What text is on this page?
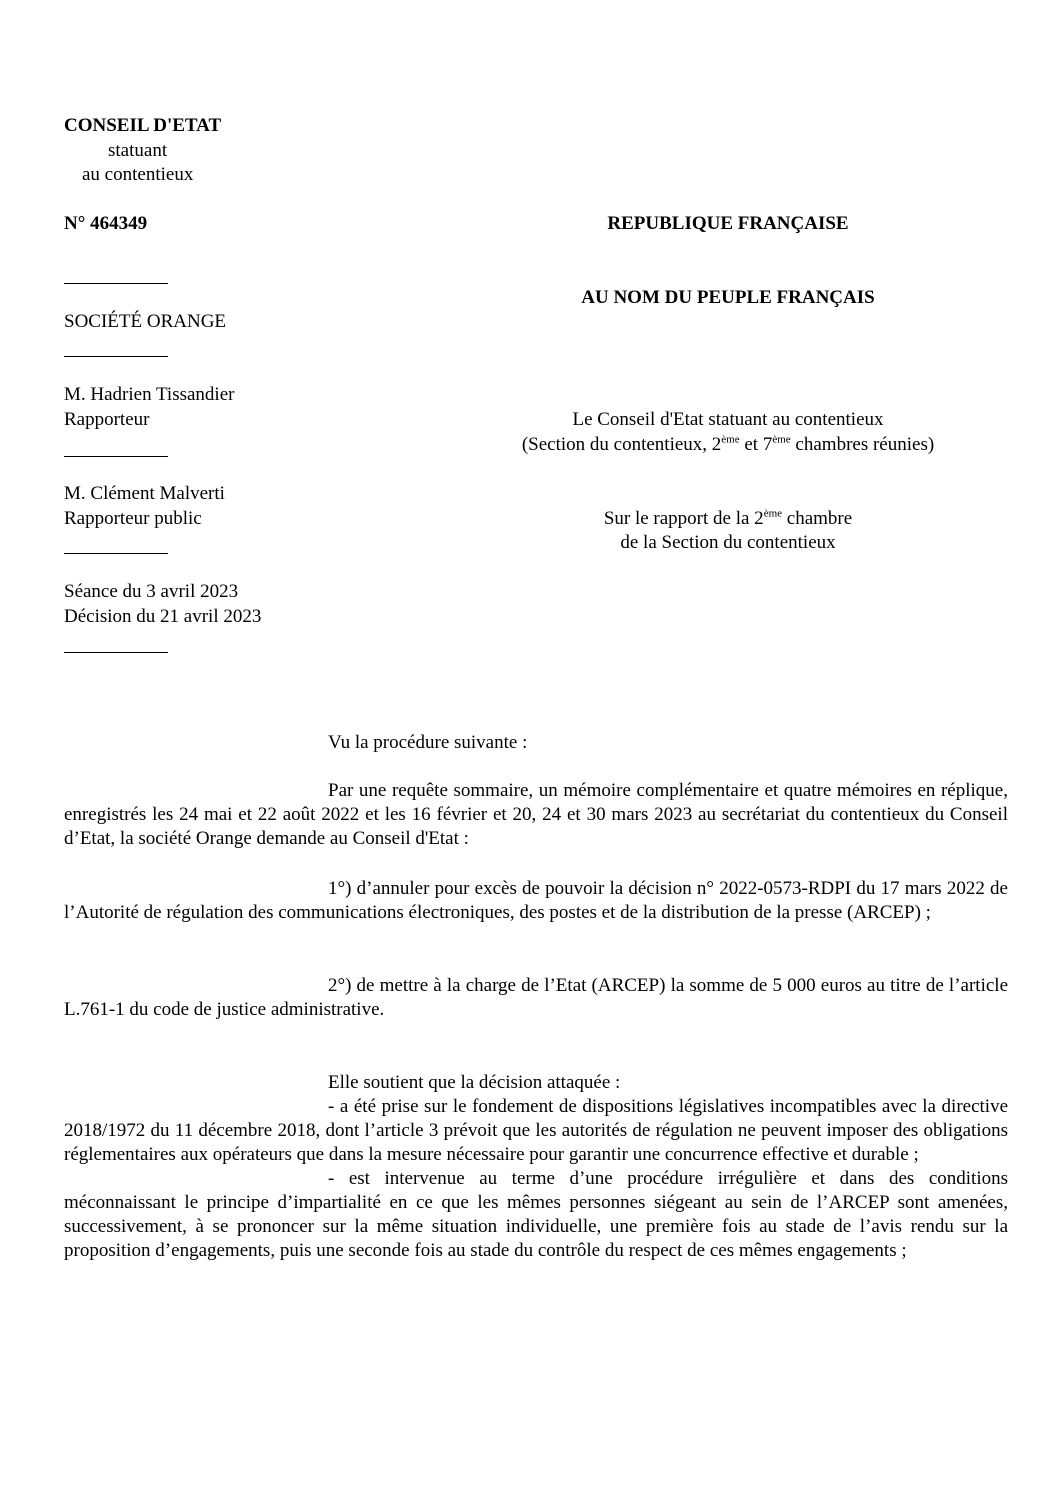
CONSEIL D'ETAT
statuant
au contentieux
N° 464349	REPUBLIQUE FRANÇAISE
AU NOM DU PEUPLE FRANÇAIS
SOCIÉTÉ ORANGE
M. Hadrien Tissandier
Rapporteur	Le Conseil d'Etat statuant au contentieux
(Section du contentieux, 2ème et 7ème chambres réunies)
M. Clément Malverti
Rapporteur public	Sur le rapport de la 2ème chambre
de la Section du contentieux
Séance du 3 avril 2023
Décision du 21 avril 2023
Vu la procédure suivante :

Par une requête sommaire, un mémoire complémentaire et quatre mémoires en réplique, enregistrés les 24 mai et 22 août 2022 et les 16 février et 20, 24 et 30 mars 2023 au secrétariat du contentieux du Conseil d’Etat, la société Orange demande au Conseil d'Etat :

1°) d’annuler pour excès de pouvoir la décision n° 2022-0573-RDPI du 17 mars 2022 de l’Autorité de régulation des communications électroniques, des postes et de la distribution de la presse (ARCEP) ;

2°) de mettre à la charge de l’Etat (ARCEP) la somme de 5 000 euros au titre de l’article L.761-1 du code de justice administrative.

Elle soutient que la décision attaquée :

- a été prise sur le fondement de dispositions législatives incompatibles avec la directive 2018/1972 du 11 décembre 2018, dont l’article 3 prévoit que les autorités de régulation ne peuvent imposer des obligations réglementaires aux opérateurs que dans la mesure nécessaire pour garantir une concurrence effective et durable ;

- est intervenue au terme d’une procédure irrégulière et dans des conditions méconnaissant le principe d’impartialité en ce que les mêmes personnes siégeant au sein de l’ARCEP sont amenées, successivement, à se prononcer sur la même situation individuelle, une première fois au stade de l’avis rendu sur la proposition d’engagements, puis une seconde fois au stade du contrôle du respect de ces mêmes engagements ;
